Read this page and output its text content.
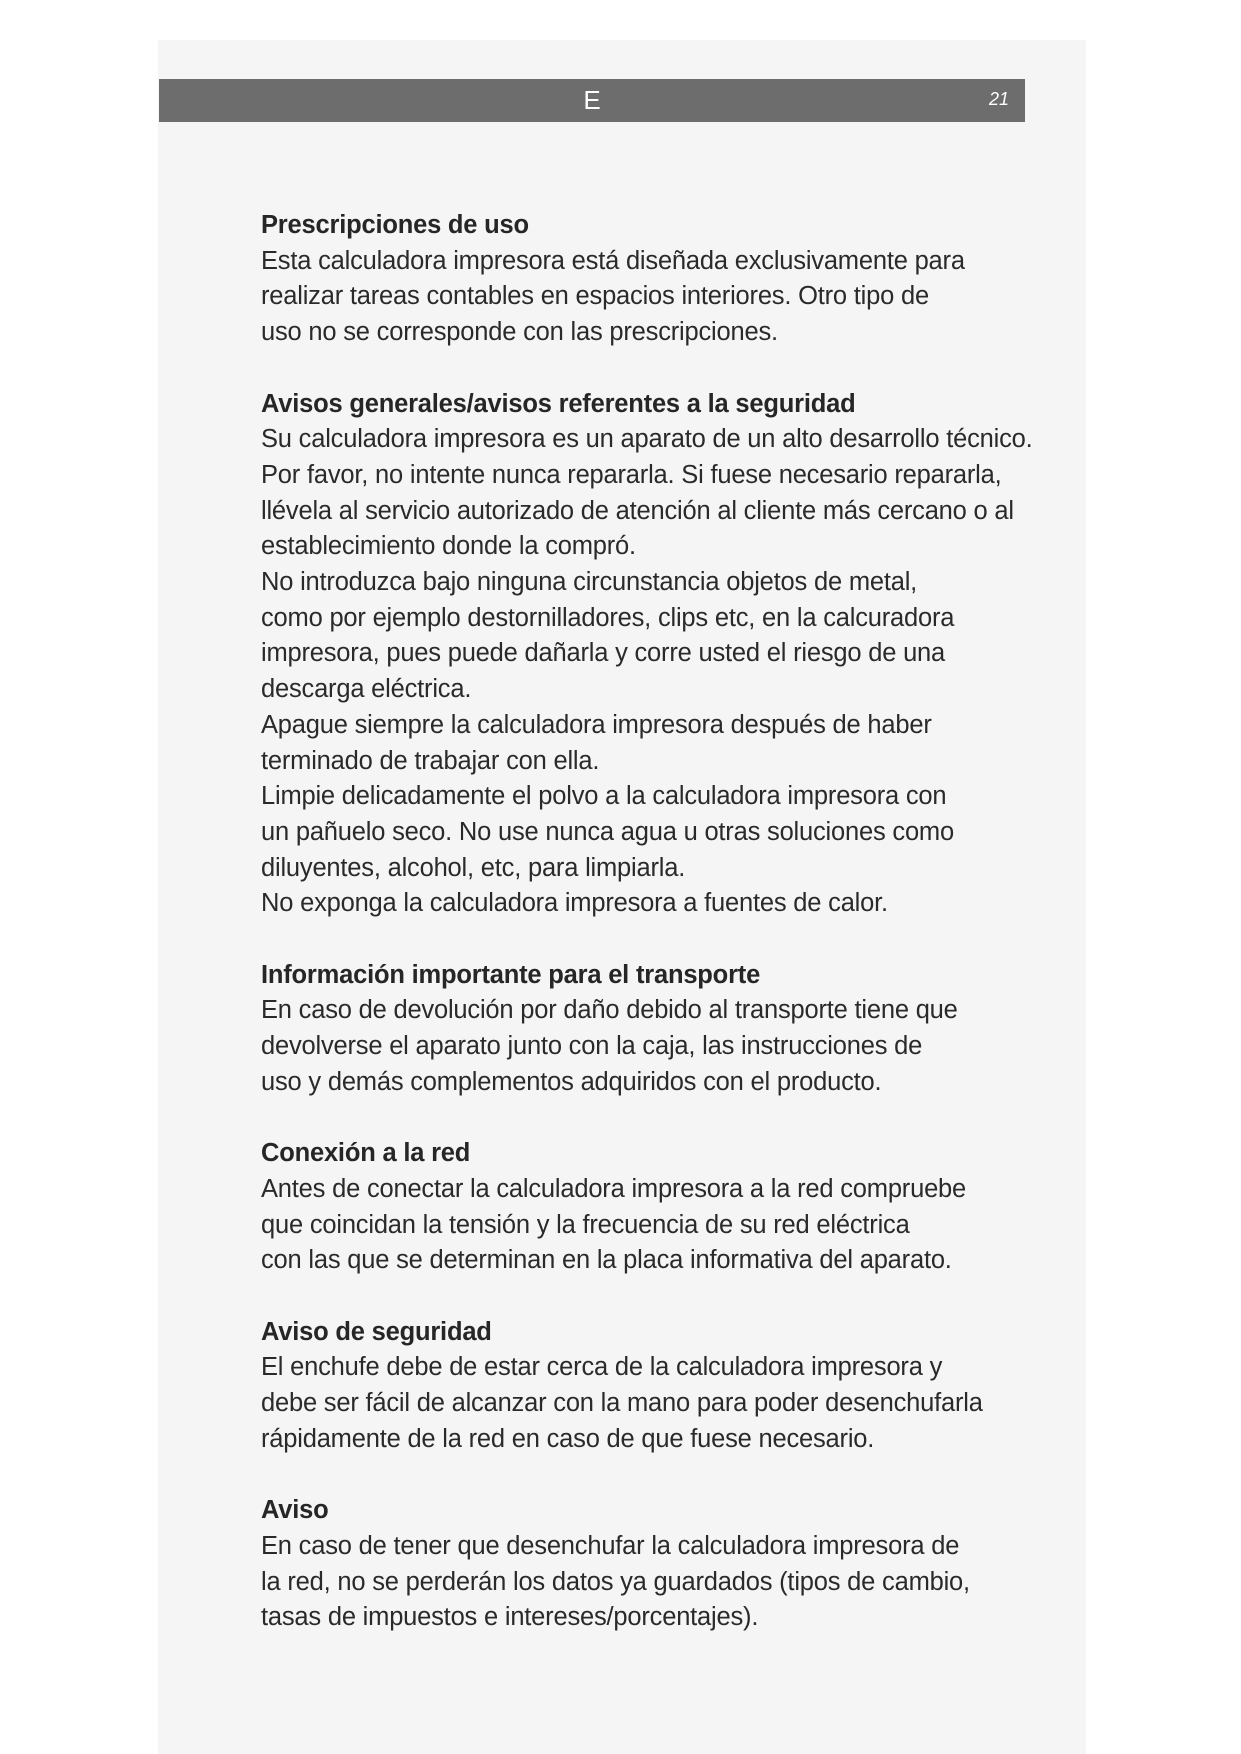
E	21
Prescripciones de uso
Esta calculadora impresora está diseñada exclusivamente para
realizar tareas contables en espacios interiores. Otro tipo de
uso no se corresponde con las prescripciones.
Avisos generales/avisos referentes a la seguridad
Su calculadora impresora es un aparato de un alto desarrollo técnico.
Por favor, no intente nunca repararla. Si fuese necesario repararla,
llévela al servicio autorizado de atención al cliente más cercano o al
establecimiento donde la compró.
No introduzca bajo ninguna circunstancia objetos de metal,
como por ejemplo destornilladores, clips etc, en la calcuradora
impresora, pues puede dañarla y corre usted el riesgo de una
descarga eléctrica.
Apague siempre la calculadora impresora después de haber
terminado de trabajar con ella.
Limpie delicadamente el polvo a la calculadora impresora con
un pañuelo seco. No use nunca agua u otras soluciones como
diluyentes, alcohol, etc, para limpiarla.
No exponga la calculadora impresora a fuentes de calor.
Información importante para el transporte
En caso de devolución por daño debido al transporte tiene que
devolverse el aparato junto con la caja, las instrucciones de
uso y demás complementos adquiridos con el producto.
Conexión a la red
Antes de conectar la calculadora impresora a la red compruebe
que coincidan la tensión y la frecuencia de su red eléctrica
con las que se determinan en la placa informativa del aparato.
Aviso de seguridad
El enchufe debe de estar cerca de la calculadora impresora y
debe ser fácil de alcanzar con la mano para poder desenchufarla
rápidamente de la red en caso de que fuese necesario.
Aviso
En caso de tener que desenchufar la calculadora impresora de
la red, no se perderán los datos ya guardados (tipos de cambio,
tasas de impuestos e intereses/porcentajes).
